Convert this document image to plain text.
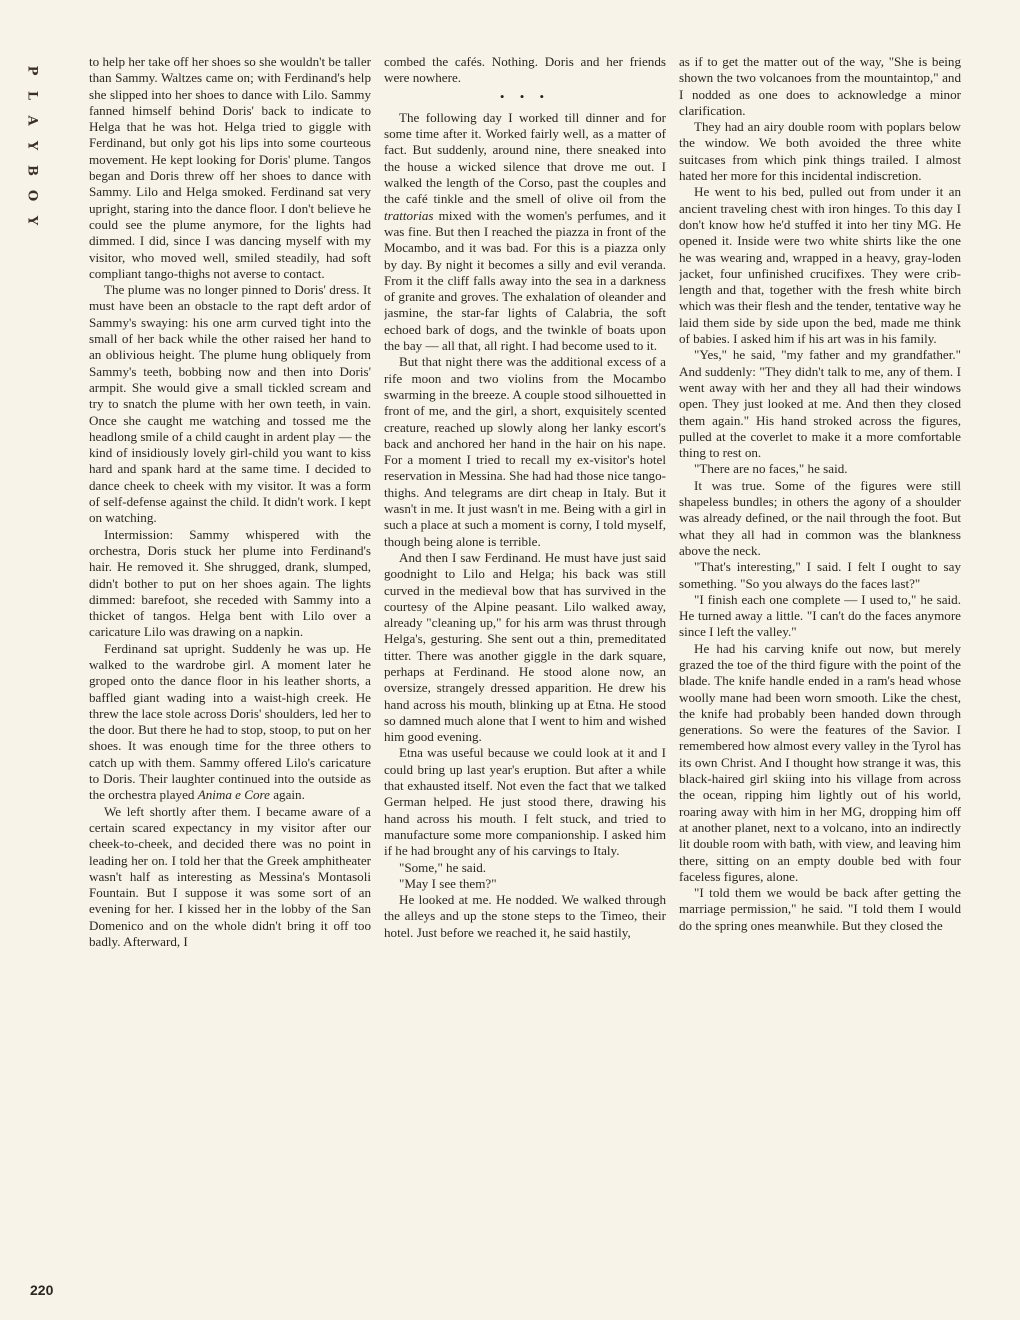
P
L
A
Y
B
O
Y

to help her take off her shoes so she wouldn't be taller than Sammy. Waltzes came on; with Ferdinand's help she slipped into her shoes to dance with Lilo. Sammy fanned himself behind Doris' back to indicate to Helga that he was hot. Helga tried to giggle with Ferdinand, but only got his lips into some courteous movement. He kept looking for Doris' plume. Tangos began and Doris threw off her shoes to dance with Sammy. Lilo and Helga smoked. Ferdinand sat very upright, staring into the dance floor. I don't believe he could see the plume anymore, for the lights had dimmed. I did, since I was dancing myself with my visitor, who moved well, smiled steadily, had soft compliant tango-thighs not averse to contact.

The plume was no longer pinned to Doris' dress. It must have been an obstacle to the rapt deft ardor of Sammy's swaying: his one arm curved tight into the small of her back while the other raised her hand to an oblivious height. The plume hung obliquely from Sammy's teeth, bobbing now and then into Doris' armpit. She would give a small tickled scream and try to snatch the plume with her own teeth, in vain. Once she caught me watching and tossed me the headlong smile of a child caught in ardent play — the kind of insidiously lovely girl-child you want to kiss hard and spank hard at the same time. I decided to dance cheek to cheek with my visitor. It was a form of self-defense against the child. It didn't work. I kept on watching.

Intermission: Sammy whispered with the orchestra, Doris stuck her plume into Ferdinand's hair. He removed it. She shrugged, drank, slumped, didn't bother to put on her shoes again. The lights dimmed: barefoot, she receded with Sammy into a thicket of tangos. Helga bent with Lilo over a caricature Lilo was drawing on a napkin.

Ferdinand sat upright. Suddenly he was up. He walked to the wardrobe girl. A moment later he groped onto the dance floor in his leather shorts, a baffled giant wading into a waist-high creek. He threw the lace stole across Doris' shoulders, led her to the door. But there he had to stop, stoop, to put on her shoes. It was enough time for the three others to catch up with them. Sammy offered Lilo's caricature to Doris. Their laughter continued into the outside as the orchestra played Anima e Core again.

We left shortly after them. I became aware of a certain scared expectancy in my visitor after our cheek-to-cheek, and decided there was no point in leading her on. I told her that the Greek amphitheater wasn't half as interesting as Messina's Montasoli Fountain. But I suppose it was some sort of an evening for her. I kissed her in the lobby of the San Domenico and on the whole didn't bring it off too badly. Afterward, I

combed the cafés. Nothing. Doris and her friends were nowhere.

• • •

The following day I worked till dinner and for some time after it. Worked fairly well, as a matter of fact. But suddenly, around nine, there sneaked into the house a wicked silence that drove me out. I walked the length of the Corso, past the couples and the café tinkle and the smell of olive oil from the trattorias mixed with the women's perfumes, and it was fine. But then I reached the piazza in front of the Mocambo, and it was bad. For this is a piazza only by day. By night it becomes a silly and evil veranda. From it the cliff falls away into the sea in a darkness of granite and groves. The exhalation of oleander and jasmine, the star-far lights of Calabria, the soft echoed bark of dogs, and the twinkle of boats upon the bay — all that, all right. I had become used to it.

But that night there was the additional excess of a rife moon and two violins from the Mocambo swarming in the breeze. A couple stood silhouetted in front of me, and the girl, a short, exquisitely scented creature, reached up slowly along her lanky escort's back and anchored her hand in the hair on his nape. For a moment I tried to recall my ex-visitor's hotel reservation in Messina. She had had those nice tango-thighs. And telegrams are dirt cheap in Italy. But it wasn't in me. It just wasn't in me. Being with a girl in such a place at such a moment is corny, I told myself, though being alone is terrible.

And then I saw Ferdinand. He must have just said goodnight to Lilo and Helga; his back was still curved in the medieval bow that has survived in the courtesy of the Alpine peasant. Lilo walked away, already "cleaning up," for his arm was thrust through Helga's, gesturing. She sent out a thin, premeditated titter. There was another giggle in the dark square, perhaps at Ferdinand. He stood alone now, an oversize, strangely dressed apparition. He drew his hand across his mouth, blinking up at Etna. He stood so damned much alone that I went to him and wished him good evening.

Etna was useful because we could look at it and I could bring up last year's eruption. But after a while that exhausted itself. Not even the fact that we talked German helped. He just stood there, drawing his hand across his mouth. I felt stuck, and tried to manufacture some more companionship. I asked him if he had brought any of his carvings to Italy.

"Some," he said.

"May I see them?"

He looked at me. He nodded. We walked through the alleys and up the stone steps to the Timeo, their hotel. Just before we reached it, he said hastily,

as if to get the matter out of the way, "She is being shown the two volcanoes from the mountaintop," and I nodded as one does to acknowledge a minor clarification.

They had an airy double room with poplars below the window. We both avoided the three white suitcases from which pink things trailed. I almost hated her more for this incidental indiscretion.

He went to his bed, pulled out from under it an ancient traveling chest with iron hinges. To this day I don't know how he'd stuffed it into her tiny MG. He opened it. Inside were two white shirts like the one he was wearing and, wrapped in a heavy, gray-loden jacket, four unfinished crucifixes. They were crib-length and that, together with the fresh white birch which was their flesh and the tender, tentative way he laid them side by side upon the bed, made me think of babies. I asked him if his art was in his family.

"Yes," he said, "my father and my grandfather." And suddenly: "They didn't talk to me, any of them. I went away with her and they all had their windows open. They just looked at me. And then they closed them again." His hand stroked across the figures, pulled at the coverlet to make it a more comfortable thing to rest on.

"There are no faces," he said.

It was true. Some of the figures were still shapeless bundles; in others the agony of a shoulder was already defined, or the nail through the foot. But what they all had in common was the blankness above the neck.

"That's interesting," I said. I felt I ought to say something. "So you always do the faces last?"

"I finish each one complete — I used to," he said. He turned away a little. "I can't do the faces anymore since I left the valley."

He had his carving knife out now, but merely grazed the toe of the third figure with the point of the blade. The knife handle ended in a ram's head whose woolly mane had been worn smooth. Like the chest, the knife had probably been handed down through generations. So were the features of the Savior. I remembered how almost every valley in the Tyrol has its own Christ. And I thought how strange it was, this black-haired girl skiing into his village from across the ocean, ripping him lightly out of his world, roaring away with him in her MG, dropping him off at another planet, next to a volcano, into an indirectly lit double room with bath, with view, and leaving him there, sitting on an empty double bed with four faceless figures, alone.

"I told them we would be back after getting the marriage permission," he said. "I told them I would do the spring ones meanwhile. But they closed the

220
